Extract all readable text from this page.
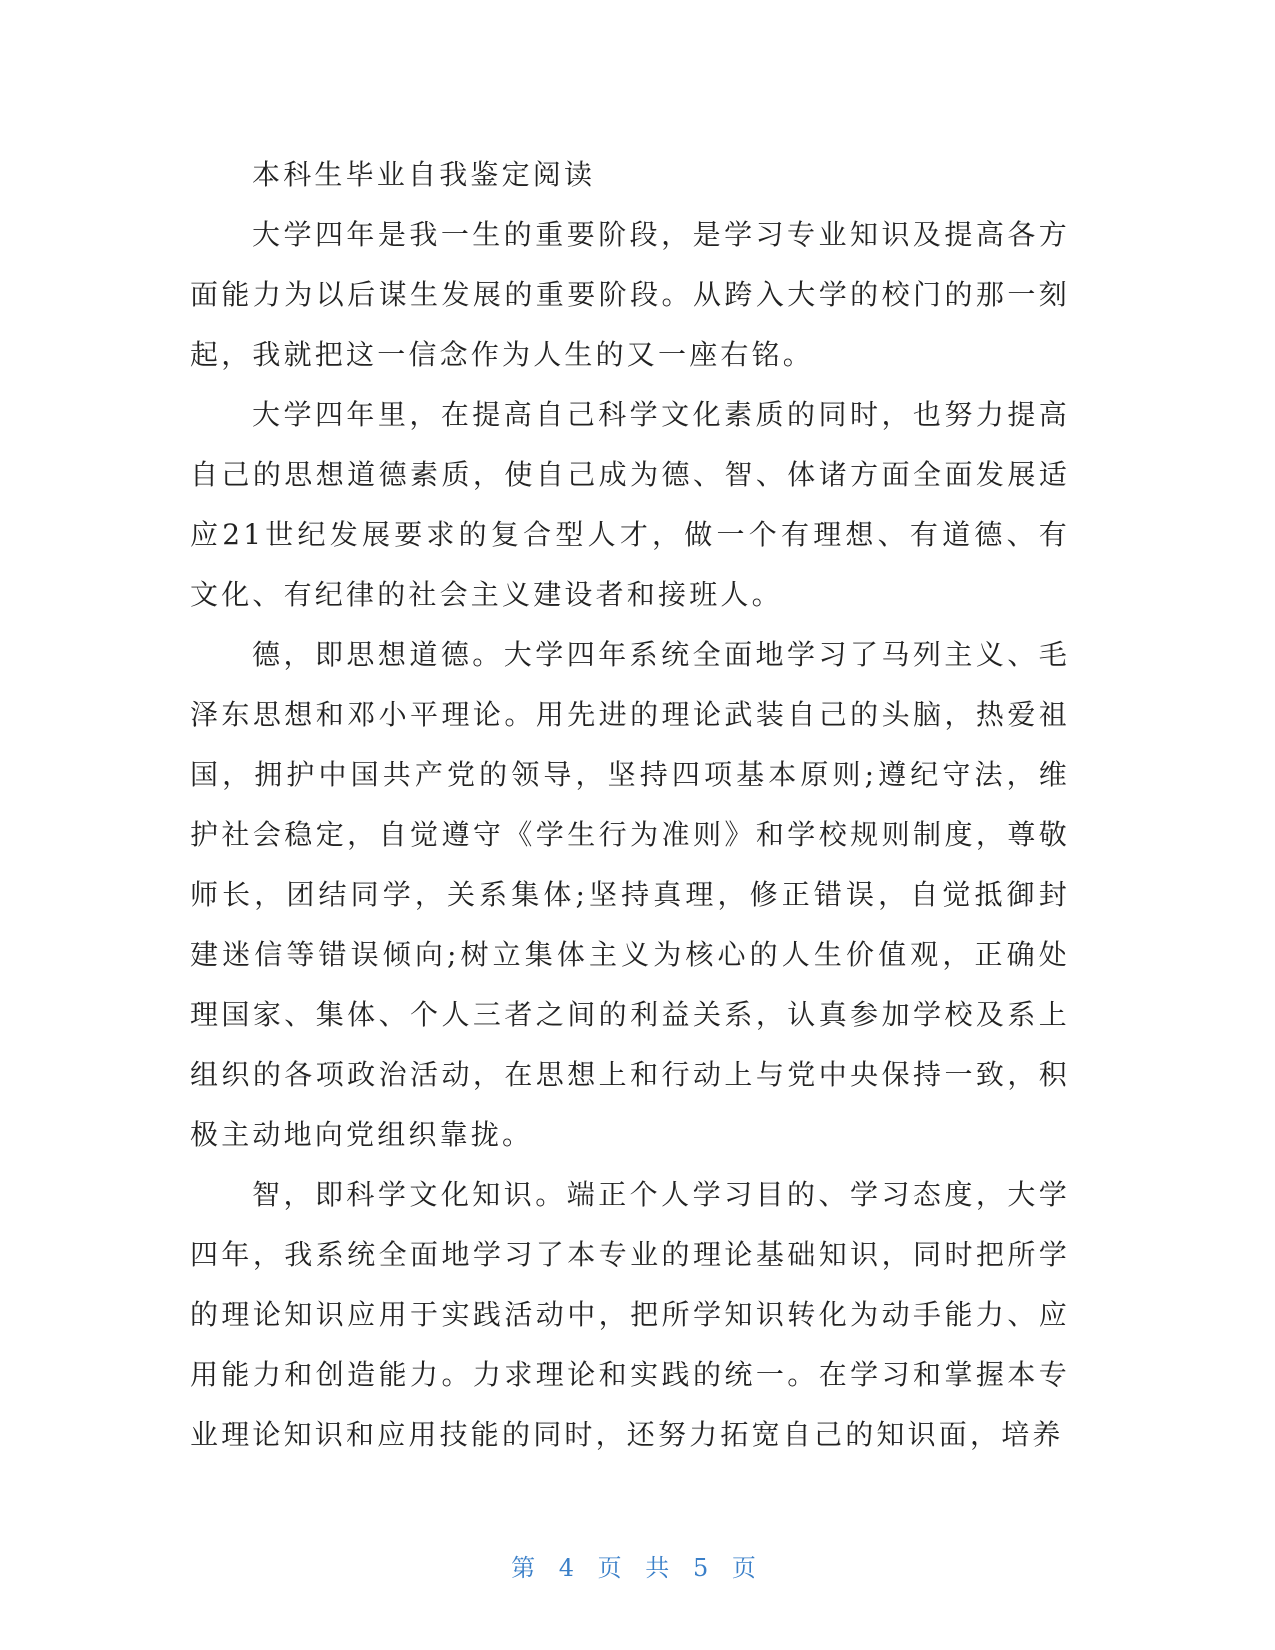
本科生毕业自我鉴定阅读

大学四年是我一生的重要阶段，是学习专业知识及提高各方面能力为以后谋生发展的重要阶段。从跨入大学的校门的那一刻起，我就把这一信念作为人生的又一座右铭。

大学四年里，在提高自己科学文化素质的同时，也努力提高自己的思想道德素质，使自己成为德、智、体诸方面全面发展适应21世纪发展要求的复合型人才，做一个有理想、有道德、有文化、有纪律的社会主义建设者和接班人。

德，即思想道德。大学四年系统全面地学习了马列主义、毛泽东思想和邓小平理论。用先进的理论武装自己的头脑，热爱祖国，拥护中国共产党的领导，坚持四项基本原则;遵纪守法，维护社会稳定，自觉遵守《学生行为准则》和学校规则制度，尊敬师长，团结同学，关系集体;坚持真理，修正错误，自觉抵御封建迷信等错误倾向;树立集体主义为核心的人生价值观，正确处理国家、集体、个人三者之间的利益关系，认真参加学校及系上组织的各项政治活动，在思想上和行动上与党中央保持一致，积极主动地向党组织靠拢。

智，即科学文化知识。端正个人学习目的、学习态度，大学四年，我系统全面地学习了本专业的理论基础知识，同时把所学的理论知识应用于实践活动中，把所学知识转化为动手能力、应用能力和创造能力。力求理论和实践的统一。在学习和掌握本专业理论知识和应用技能的同时，还努力拓宽自己的知识面，培养

第 4 页 共 5 页
